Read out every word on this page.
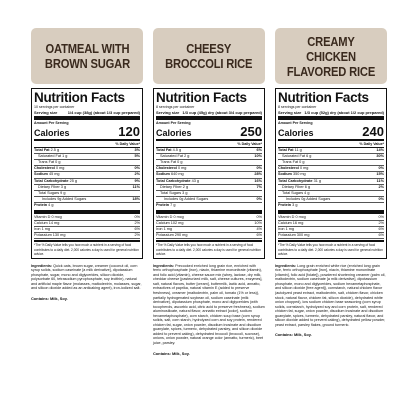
OATMEAL WITH
BROWN SUGAR
Nutrition Facts
10 servings per container
Serving size	1/4 cup (38g) (about 1/3 cup prepared)
Amount Per Serving
Calories	120
% Daily Value*
Total Fat 2.5 g	3%
Saturated Fat 1 g	5%
Trans Fat 0 g
Cholesterol 0 mg	0%
Sodium 45 mg	2%
Total Carbohydrate 25 g	9%
Dietary Fiber 3 g	11%
Total Sugars 9 g
Includes 9g Added Sugars	18%
Protein 4 g
Vitamin D 0 mcg	0%
Calcium 14 mg	2%
Iron 1 mg	6%
Potassium 130 mg	2%
*The % Daily Value tells you how much a nutrient in a serving of food contributes to a daily diet. 2,000 calories a day is used for general nutrition advice.
Ingredients: Quick oats, brown sugar, creamer (coconut oil, corn syrup solids, sodium caseinate [a milk derivative], dipotassium phosphate, sugar, mono and diglycerides, silicon dioxide, polysorbate 60, tetrasodium pyrophosphate, soy lecithin), natural and artificial maple flavor (molasses, maltodextrin, molasses, sugar, and silicon dioxide added as an anticaking agent), iron-iodized salt.
Contains: Milk, Soy.
CHEESY
BROCCOLI RICE
Nutrition Facts
8 servings per container
Serving size 1/3 cup (45g) dry (about 3/4 cup prepared)
Amount Per Serving
Calories	250
% Daily Value*
Total Fat 4.5 g	6%
Saturated Fat 2 g	10%
Trans Fat 0 g
Cholesterol 0 mg	0%
Sodium 640 mg	28%
Total Carbohydrate 43 g	16%
Dietary Fiber 2 g	7%
Total Sugars 3 g
Includes 0g Added Sugars	0%
Protein 7 g
Vitamin D 0 mcg	0%
Calcium 102 mg	10%
Iron 1 mg	4%
Potassium 290 mg	6%
*The % Daily Value tells you how much a nutrient in a serving of food contributes to a daily diet. 2,000 calories a day is used for general nutrition advice.
Ingredients: Precooked enriched long grain rice, enriched with ferric orthophosphate (iron), niacin, thiamine mononitrate (vitamin), and folic acid (vitamin), cheese sauce mix (whey, lactose, dry milk, cheddar cheese [pasteurized milk, salt, cheese cultures, enzymes], salt, natural flavors, butter [cream], buttermilk, lactic acid, annatto, extractives of paprika, natural vitamin E (added to preserve freshness), creamer (maltodextrin, palm oil, tomato (1% or less)), partially hydrogenated soybean oil, sodium caseinate (milk derivative), dipotassium phosphate, mono and diglycerides (with tocopherols, ascorbic acid, citric acid to preserve freshness), sodium aluminosilicate, natural flavor, annatto extract [color], sodium hexametaphosphate), corn starch, chicken soup base (corn syrup solids, salt, corn starch, hydrolyzed corn and soy protein, rendered chicken fat, sugar, onion powder, disodium inosinate and disodium guanylate, spices, turmeric, dehydrated parsley, and silicon dioxide added to prevent caking), dehydrated broccoli (broccoli, sucrose), onions, onion powder, natural orange color (annatto, turmeric), beet juice, parsley.
Contains: Milk, Soy.
CREAMY CHICKEN
FLAVORED RICE
Nutrition Facts
8 servings per container
Serving size 1/3 cup (52g) dry (about 1/2 cup prepared)
Amount Per Serving
Calories	240
% Daily Value*
Total Fat 11 g	14%
Saturated Fat 6 g	30%
Trans Fat 0 g
Cholesterol 0 mg	0%
Sodium 350 mg	15%
Total Carbohydrate 31 g	11%
Dietary Fiber 6 g	2%
Total Sugars 4 g
Includes 0g Added Sugars	0%
Protein 3 g
Vitamin D 0 mcg	0%
Calcium 16 mg	2%
Iron 1 mg	6%
Potassium 300 mg	6%
*The % Daily Value tells you how much a nutrient in a serving of food contributes to a daily diet. 2,000 calories a day is used for general nutrition advice.
Ingredients: Long grain enriched white rice (enriched long grain rice, ferric orthophosphate [iron], niacin, thiamine mononitrate [vitamin], folic acid [folate]), powdered shortening creamer (palm oil, maltodextrin, sodium caseinate [a milk derivative], dipotassium phosphate, mono and diglycerides, sodium hexametaphosphate, and silicon dioxide [free agent]), cornstarch, natural chicken flavor (autolyzed yeast extract, maltodextrin, salt, chicken flavor, chicken stock, natural flavor, chicken fat, silicon dioxide), dehydrated white onion chopped), low sodium chicken base seasoning (corn syrup solids, cornstarch, hydrolyzed soy and corn protein, salt, rendered chicken fat, sugar, onion powder, disodium inosinate and disodium guanylate, spices, turmeric, dehydrated parsley, natural flavor, and silicon dioxide added to prevent caking), dehydrated yellow powder, yeast extract, parsley flakes, ground turmeric.
Contains: Milk, Soy.
